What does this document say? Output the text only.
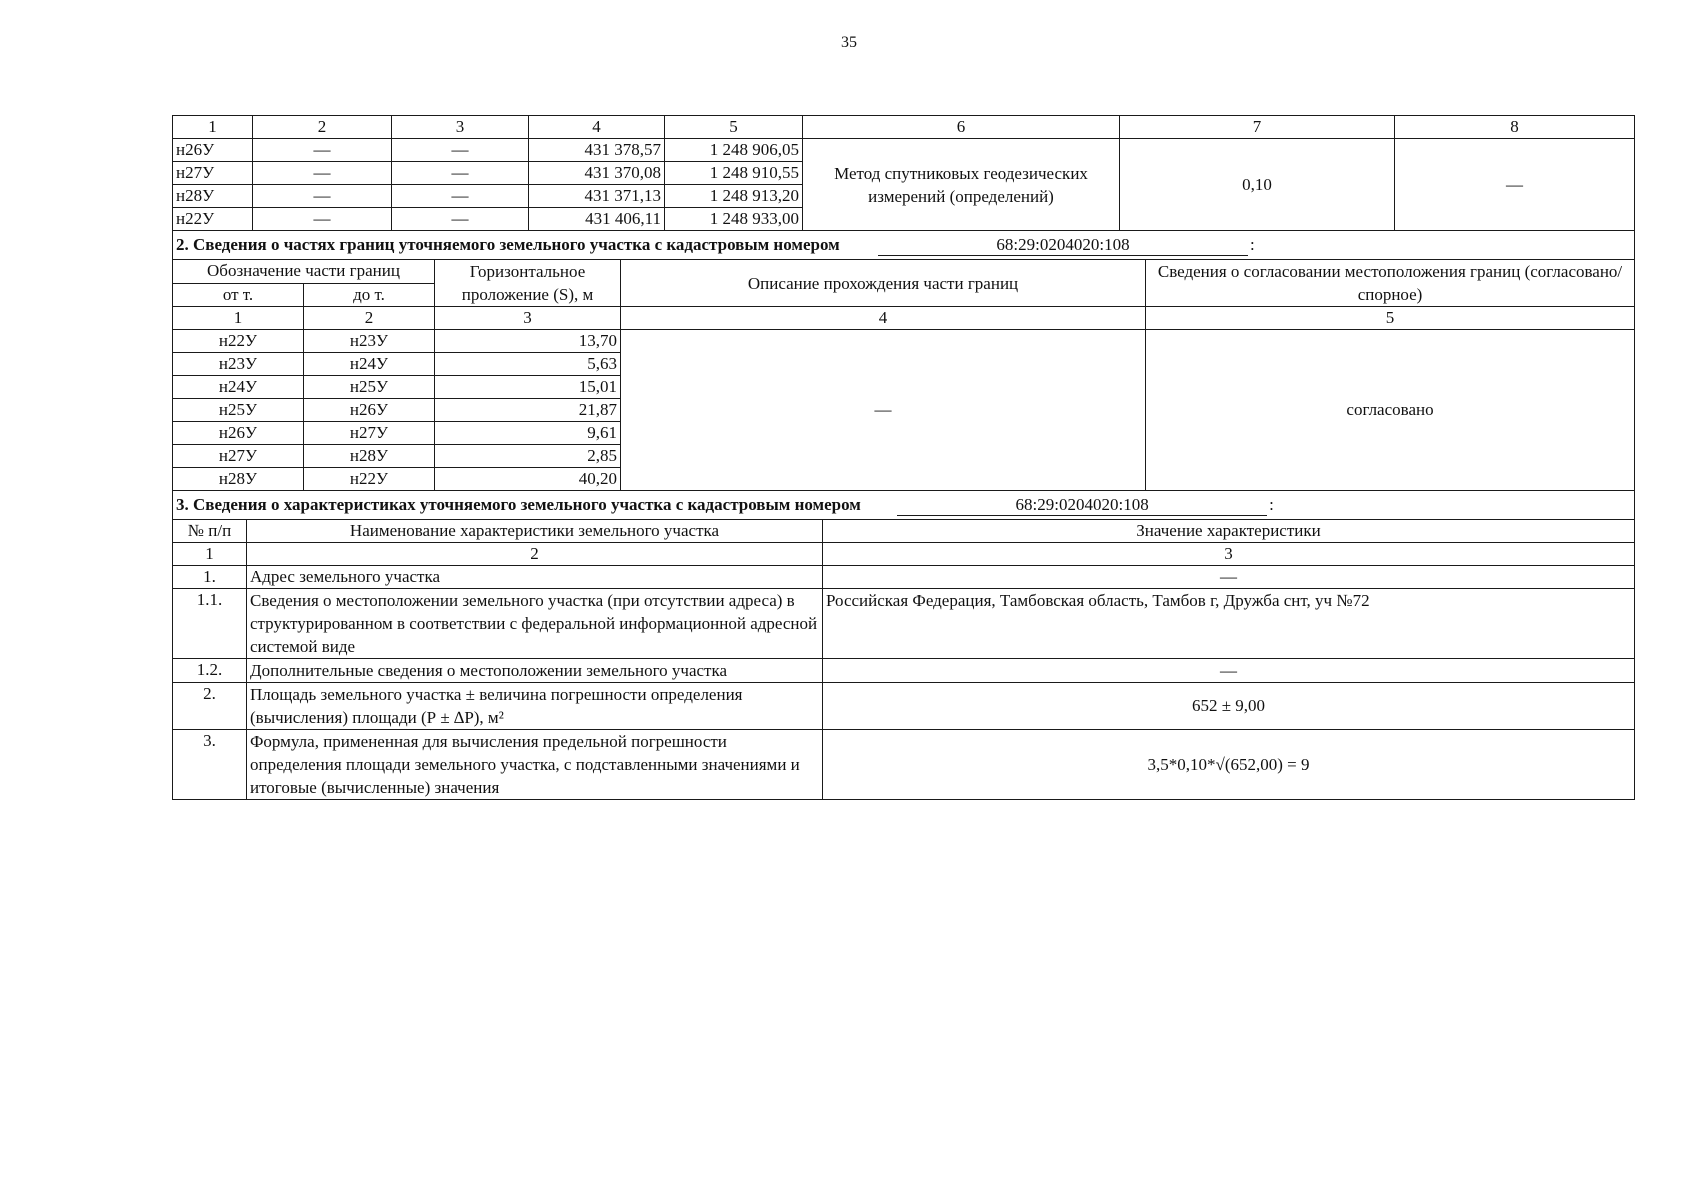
35
1	2	3	4	5	6	7	8
н26У	—	—	431 378,57	1 248 906,05	Метод спутниковых геодезических измерений (определений)	0,10	—
н27У	—	—	431 370,08	1 248 910,55			
н28У	—	—	431 371,13	1 248 913,20			
н22У	—	—	431 406,11	1 248 933,00			
2. Сведения о частях границ уточняемого земельного участка с кадастровым номером 68:29:0204020:108 :				
Обозначение части границ		Горизонтальное проложение (S), м	Описание прохождения части границ	Сведения о согласовании местоположения границ (согласовано/спорное)
от т.	до т.			
1	2	3	4	5
н22У	н23У	13,70	—	согласовано
н23У	н24У	5,63		
н24У	н25У	15,01		
н25У	н26У	21,87		
н26У	н27У	9,61		
н27У	н28У	2,85		
н28У	н22У	40,20		
3. Сведения о характеристиках уточняемого земельного участка с кадастровым номером 68:29:0204020:108 :		
№ п/п	Наименование характеристики земельного участка	Значение характеристики
1	2	3
1.	Адрес земельного участка	—
1.1.	Сведения о местоположении земельного участка (при отсутствии адреса) в структурированном в соответствии с федеральной информационной адресной системой виде	Российская Федерация, Тамбовская область, Тамбов г, Дружба снт, уч №72
1.2.	Дополнительные сведения о местоположении земельного участка	—
2.	Площадь земельного участка ± величина погрешности определения (вычисления) площади (Р ± ∆Р), м²	652 ± 9,00
3.	Формула, примененная для вычисления предельной погрешности определения площади земельного участка, с подставленными значениями и итоговые (вычисленные) значения	3,5*0,10*√(652,00) = 9
